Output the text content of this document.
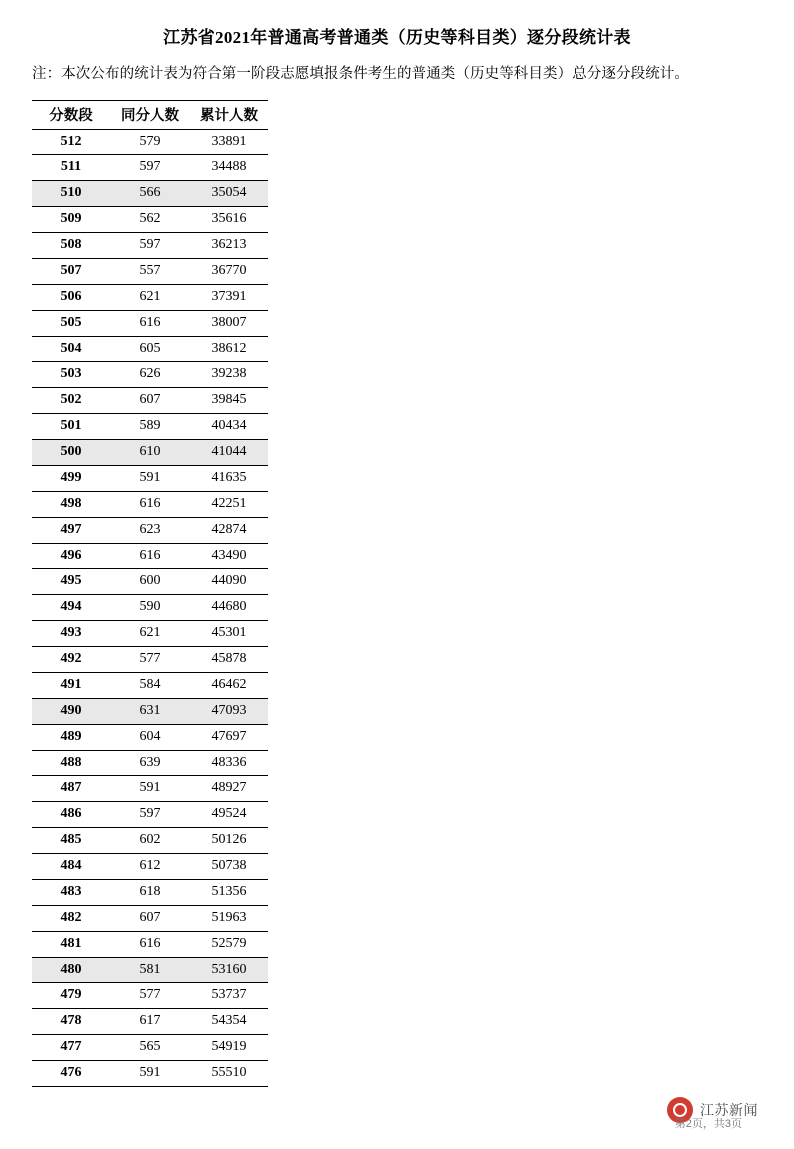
江苏省2021年普通高考普通类（历史等科目类）逐分段统计表
注：本次公布的统计表为符合第一阶段志愿填报条件考生的普通类（历史等科目类）总分逐分段统计。
分数段	同分人数	累计人数
512	579	33891
511	597	34488
510	566	35054
509	562	35616
508	597	36213
507	557	36770
506	621	37391
505	616	38007
504	605	38612
503	626	39238
502	607	39845
501	589	40434
500	610	41044
499	591	41635
498	616	42251
497	623	42874
496	616	43490
495	600	44090
494	590	44680
493	621	45301
492	577	45878
491	584	46462
490	631	47093
489	604	47697
488	639	48336
487	591	48927
486	597	49524
485	602	50126
484	612	50738
483	618	51356
482	607	51963
481	616	52579
480	581	53160
479	577	53737
478	617	54354
477	565	54919
476	591	55510
江苏新闻
第2页，共3页
